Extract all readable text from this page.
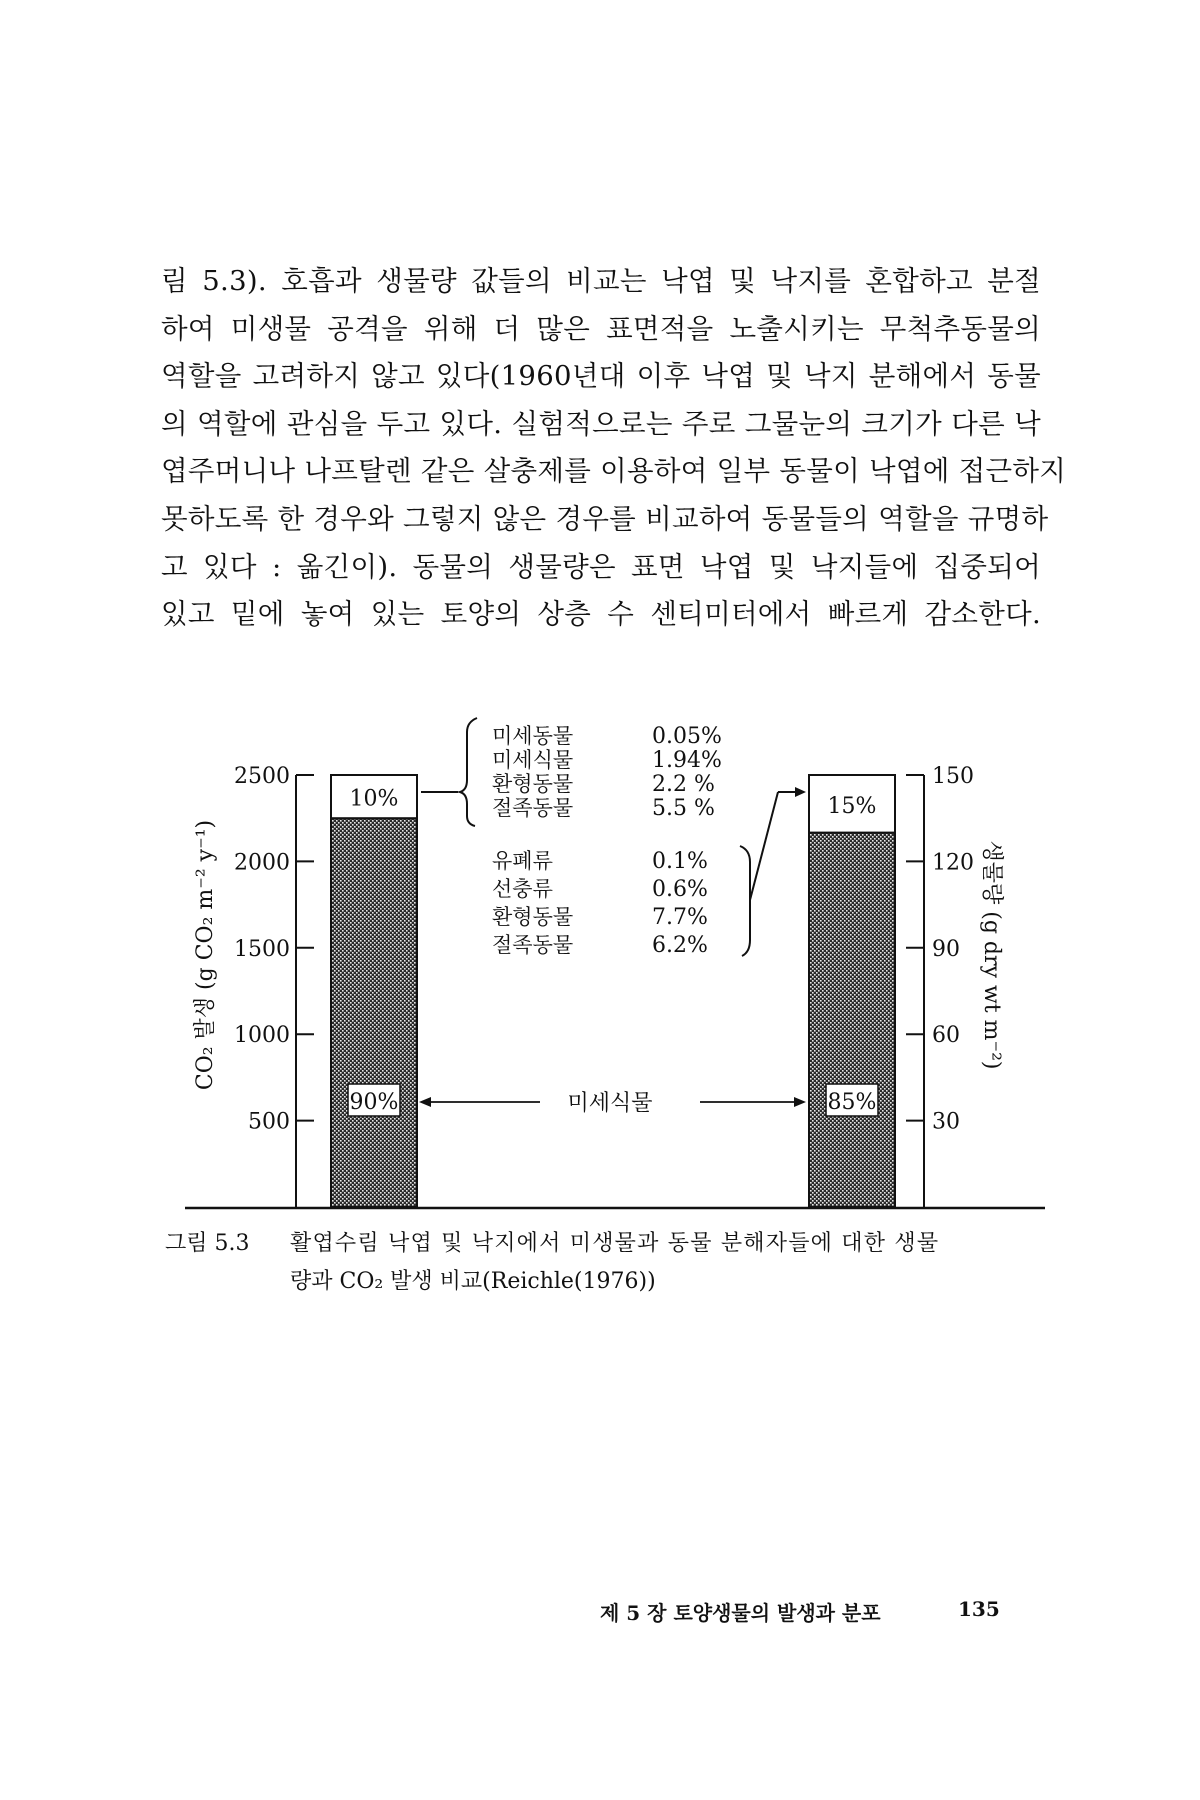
림 5.3). 호흡과 생물량 값들의 비교는 낙엽 및 낙지를 혼합하고 분절
하여 미생물 공격을 위해 더 많은 표면적을 노출시키는 무척추동물의
역할을 고려하지 않고 있다(1960년대 이후 낙엽 및 낙지 분해에서 동물
의 역할에 관심을 두고 있다. 실험적으로는 주로 그물눈의 크기가 다른 낙
엽주머니나 나프탈렌 같은 살충제를 이용하여 일부 동물이 낙엽에 접근하지
못하도록 한 경우와 그렇지 않은 경우를 비교하여 동물들의 역할을 규명하
고 있다 : 옮긴이). 동물의 생물량은 표면 낙엽 및 낙지들에 집중되어
있고 밑에 놓여 있는 토양의 상층 수 센티미터에서 빠르게 감소한다.
500
1000
1500
2000
2500
30
60
90
120
150
CO₂ 발생 (g CO₂ m⁻² y⁻¹)	생물량 (g dry wt m⁻²)
10%
90%
15%
85%
미세식물
미세동물	0.05%
미세식물	1.94%
환형동물	2.2 %
절족동물	5.5 %
유폐류	0.1%
선충류	0.6%
환형동물	7.7%
절족동물	6.2%
그림 5.3 활엽수림 낙엽 및 낙지에서 미생물과 동물 분해자들에 대한 생물
량과 CO₂ 발생 비교(Reichle(1976))
제 5 장 토양생물의 발생과 분포	135
